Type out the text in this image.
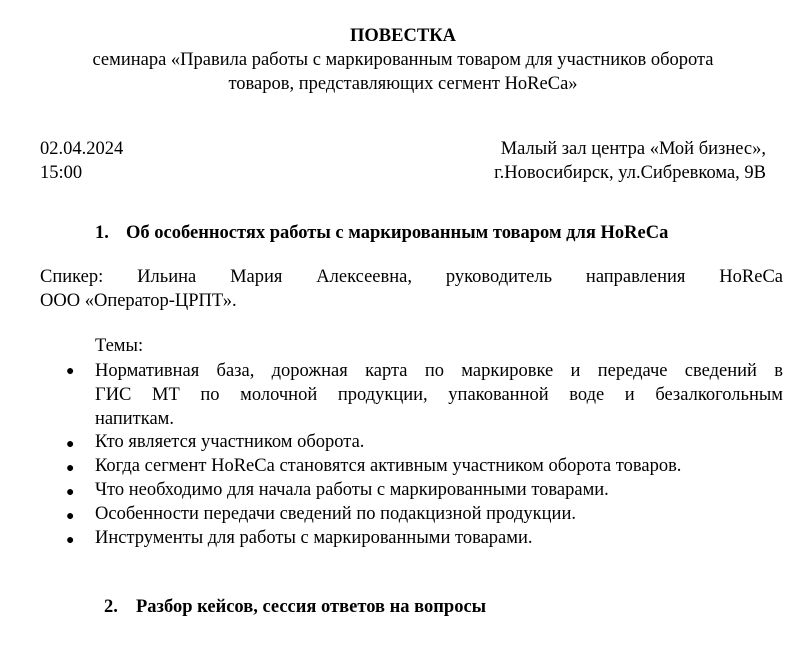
ПОВЕСТКА
семинара «Правила работы с маркированным товаром для участников оборота
товаров, представляющих сегмент HoReCa»
02.04.2024
15:00
Малый зал центра «Мой бизнес»,
г.Новосибирск, ул.Сибревкома, 9В
1. Об особенностях работы с маркированным товаром для HoReCa
Спикер: Ильина Мария Алексеевна, руководитель направления HoReCa
ООО «Оператор-ЦРПТ».
Темы:
● Нормативная база, дорожная карта по маркировке и передаче сведений в
ГИС МТ по молочной продукции, упакованной воде и безалкогольным
напиткам.
● Кто является участником оборота.
● Когда сегмент HoReCa становятся активным участником оборота товаров.
● Что необходимо для начала работы с маркированными товарами.
● Особенности передачи сведений по подакцизной продукции.
● Инструменты для работы с маркированными товарами.
2. Разбор кейсов, сессия ответов на вопросы
